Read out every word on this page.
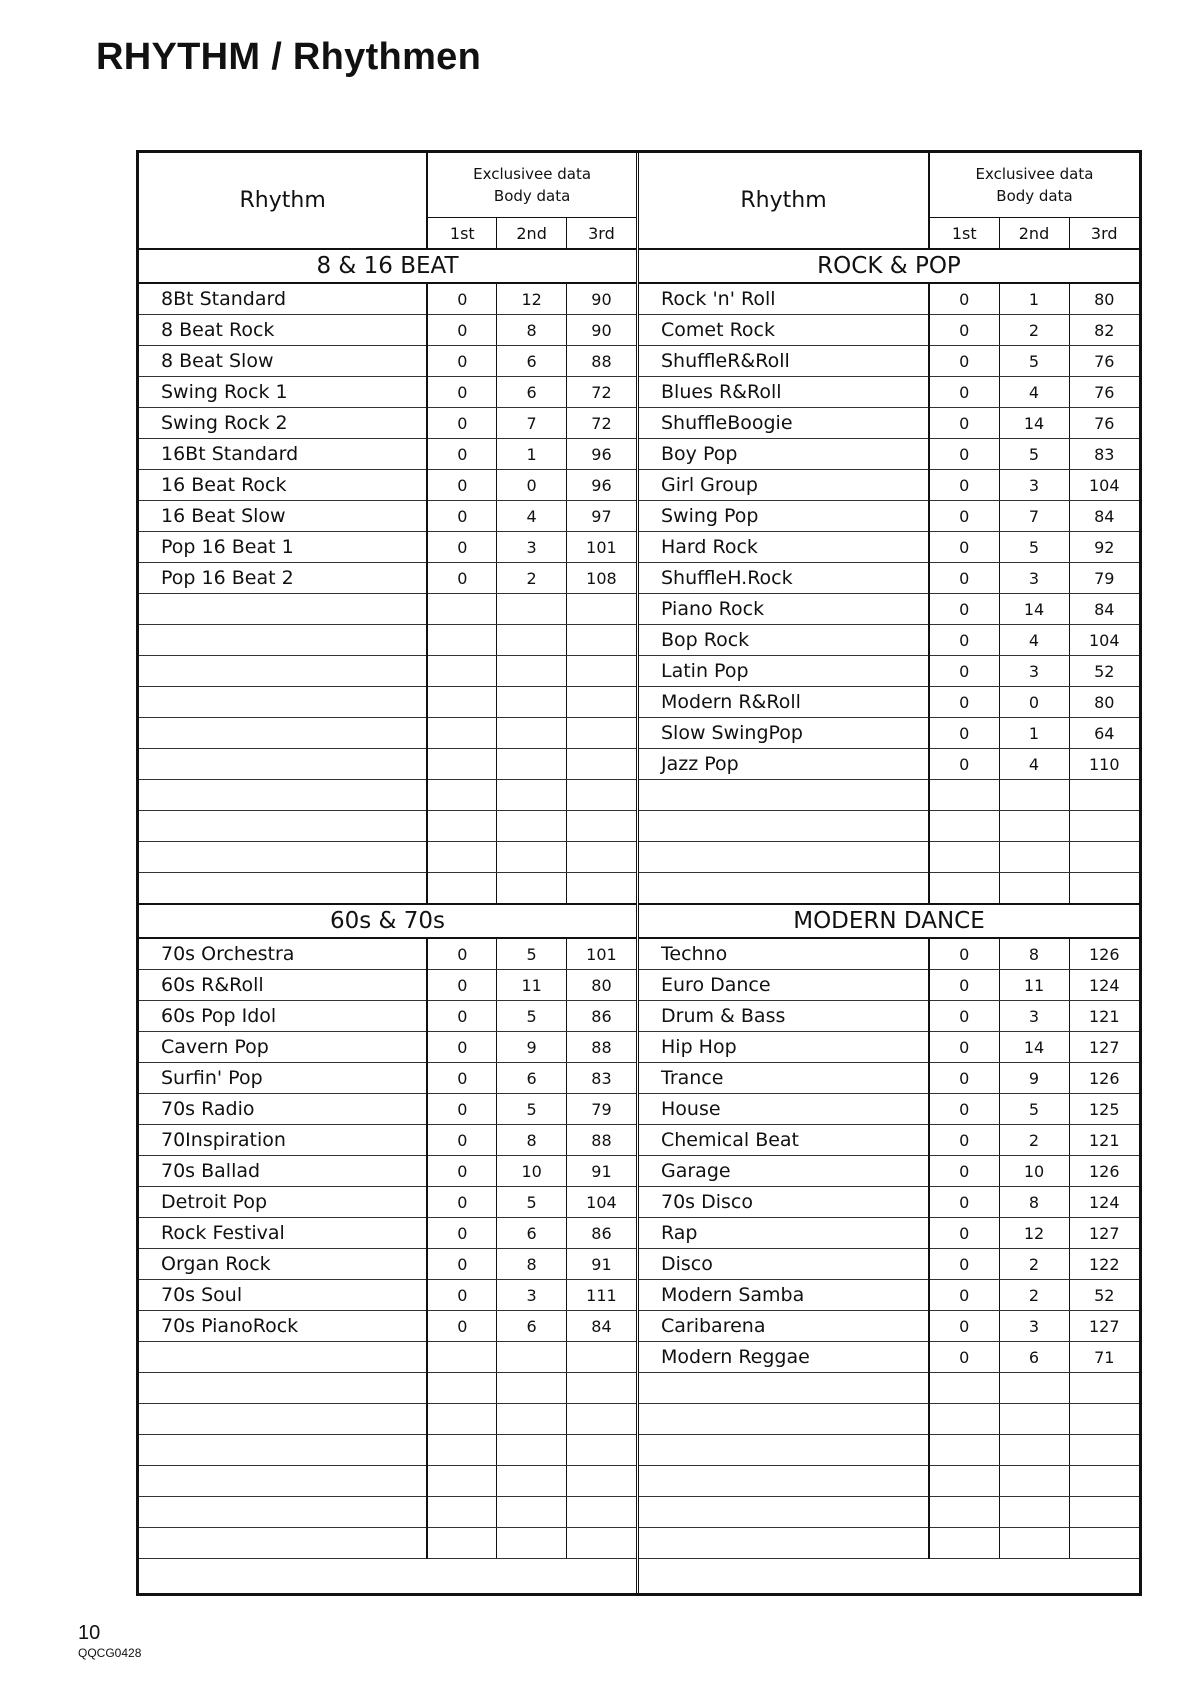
RHYTHM / Rhythmen
Rhythm	Exclusivee data
Body data		
	1st	2nd	3rd
8 & 16 BEAT			
8Bt Standard	0	12	90
8 Beat Rock	0	8	90
8 Beat Slow	0	6	88
Swing Rock 1	0	6	72
Swing Rock 2	0	7	72
16Bt Standard	0	1	96
16 Beat Rock	0	0	96
16 Beat Slow	0	4	97
Pop 16 Beat 1	0	3	101
Pop 16 Beat 2	0	2	108

60s & 70s			
70s Orchestra	0	5	101
60s R&Roll	0	11	80
60s Pop Idol	0	5	86
Cavern Pop	0	9	88
Surfin' Pop	0	6	83
70s Radio	0	5	79
70Inspiration	0	8	88
70s Ballad	0	10	91
Detroit Pop	0	5	104
Rock Festival	0	6	86
Organ Rock	0	8	91
70s Soul	0	3	111
70s PianoRock	0	6	84

Rhythm	Exclusivee data
Body data		
	1st	2nd	3rd
ROCK & POP			
Rock 'n' Roll	0	1	80
Comet Rock	0	2	82
ShuffleR&Roll	0	5	76
Blues R&Roll	0	4	76
ShuffleBoogie	0	14	76
Boy Pop	0	5	83
Girl Group	0	3	104
Swing Pop	0	7	84
Hard Rock	0	5	92
ShuffleH.Rock	0	3	79
Piano Rock	0	14	84
Bop Rock	0	4	104
Latin Pop	0	3	52
Modern R&Roll	0	0	80
Slow SwingPop	0	1	64
Jazz Pop	0	4	110

MODERN DANCE			
Techno	0	8	126
Euro Dance	0	11	124
Drum & Bass	0	3	121
Hip Hop	0	14	127
Trance	0	9	126
House	0	5	125
Chemical Beat	0	2	121
Garage	0	10	126
70s Disco	0	8	124
Rap	0	12	127
Disco	0	2	122
Modern Samba	0	2	52
Caribarena	0	3	127
Modern Reggae	0	6	71

10
QQCG0428
